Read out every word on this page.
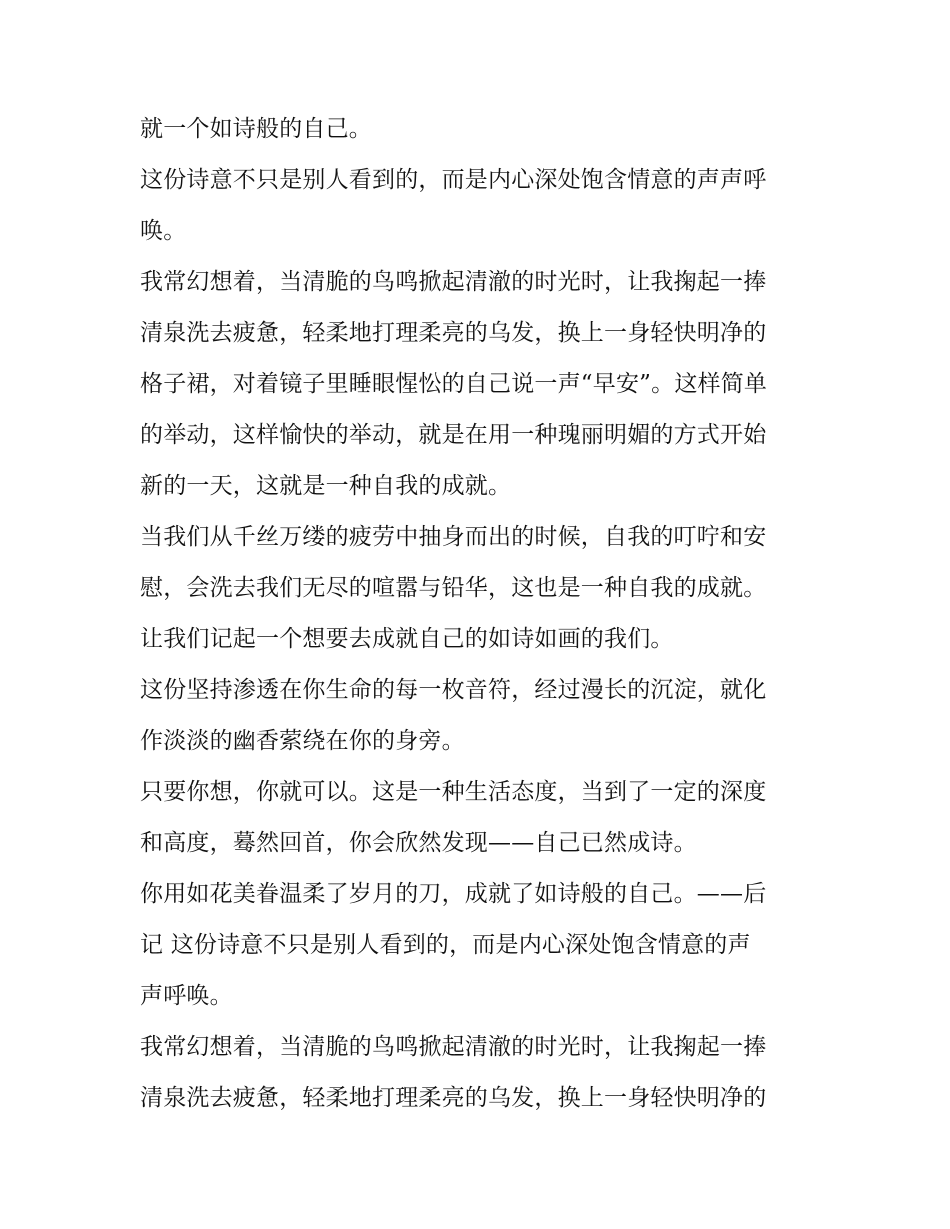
就一个如诗般的自己。
这份诗意不只是别人看到的，而是内心深处饱含情意的声声呼
唤。
我常幻想着，当清脆的鸟鸣掀起清澈的时光时，让我掬起一捧
清泉洗去疲惫，轻柔地打理柔亮的乌发，换上一身轻快明净的
格子裙，对着镜子里睡眼惺忪的自己说一声“早安”。这样简单
的举动，这样愉快的举动，就是在用一种瑰丽明媚的方式开始
新的一天，这就是一种自我的成就。
当我们从千丝万缕的疲劳中抽身而出的时候，自我的叮咛和安
慰，会洗去我们无尽的喧嚣与铅华，这也是一种自我的成就。
让我们记起一个想要去成就自己的如诗如画的我们。
这份坚持渗透在你生命的每一枚音符，经过漫长的沉淀，就化
作淡淡的幽香萦绕在你的身旁。
只要你想，你就可以。这是一种生活态度，当到了一定的深度
和高度，蓦然回首，你会欣然发现——自己已然成诗。
你用如花美眷温柔了岁月的刀，成就了如诗般的自己。——后
记 这份诗意不只是别人看到的，而是内心深处饱含情意的声
声呼唤。
我常幻想着，当清脆的鸟鸣掀起清澈的时光时，让我掬起一捧
清泉洗去疲惫，轻柔地打理柔亮的乌发，换上一身轻快明净的
